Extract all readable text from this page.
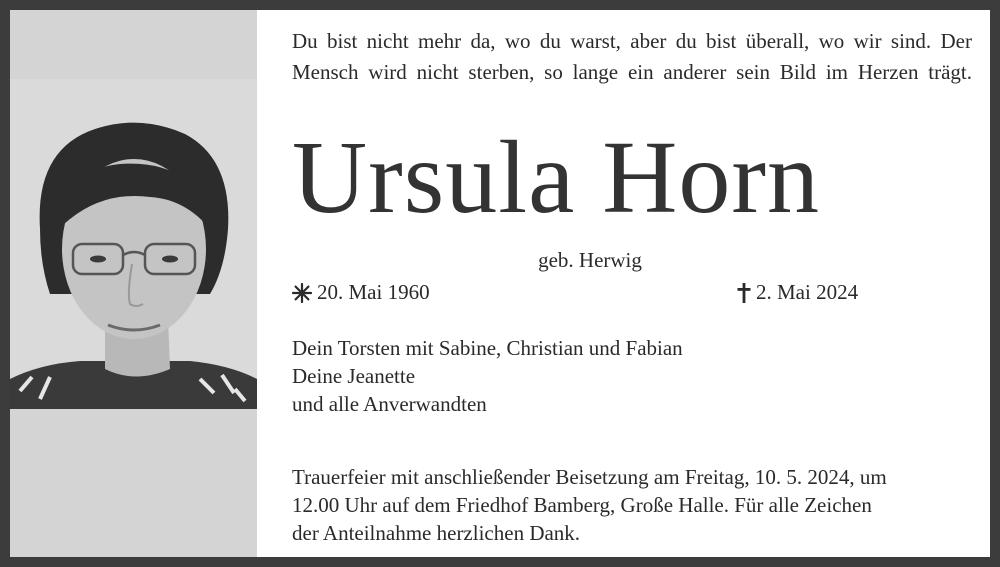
Du bist nicht mehr da, wo du warst, aber du bist überall, wo wir sind. Der
Mensch wird nicht sterben, so lange ein anderer sein Bild im Herzen trägt.
Ursula Horn
geb. Herwig
20. Mai 1960	2. Mai 2024
Dein Torsten mit Sabine, Christian und Fabian
Deine Jeanette
und alle Anverwandten
Trauerfeier mit anschließender Beisetzung am Freitag, 10. 5. 2024, um
12.00 Uhr auf dem Friedhof Bamberg, Große Halle. Für alle Zeichen
der Anteilnahme herzlichen Dank.
